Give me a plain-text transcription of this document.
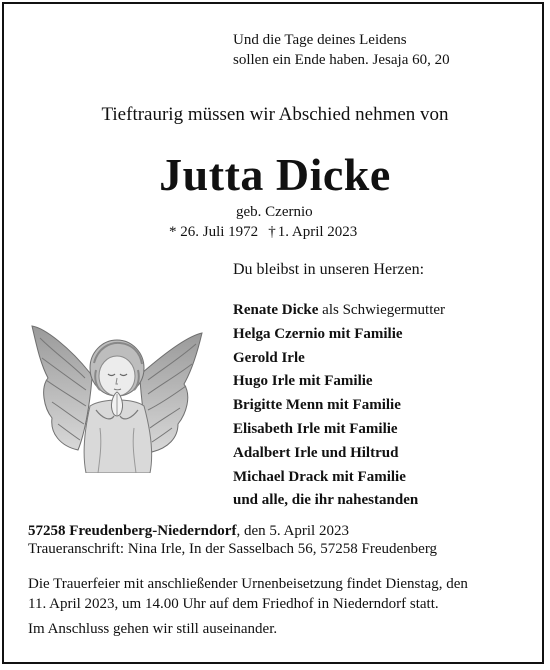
Und die Tage deines Leidens
sollen ein Ende haben. Jesaja 60, 20
Tieftraurig müssen wir Abschied nehmen von
Jutta Dicke
geb. Czernio
* 26. Juli 1972 † 1. April 2023
Du bleibst in unseren Herzen:
Renate Dicke als Schwiegermutter
Helga Czernio mit Familie
Gerold Irle
Hugo Irle mit Familie
Brigitte Menn mit Familie
Elisabeth Irle mit Familie
Adalbert Irle und Hiltrud
Michael Drack mit Familie
und alle, die ihr nahestanden
57258 Freudenberg-Niederndorf, den 5. April 2023
Traueranschrift: Nina Irle, In der Sasselbach 56, 57258 Freudenberg
Die Trauerfeier mit anschließender Urnenbeisetzung findet Dienstag, den
11. April 2023, um 14.00 Uhr auf dem Friedhof in Niederndorf statt.
Im Anschluss gehen wir still auseinander.
